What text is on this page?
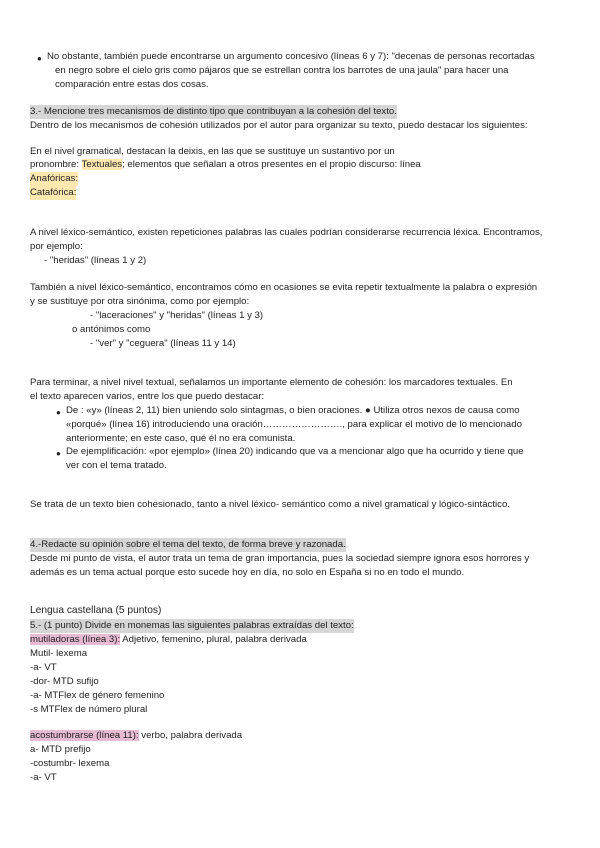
● No obstante, también puede encontrarse un argumento concesivo (líneas 6 y 7): "decenas de personas recortadas
en negro sobre el cielo gris como pájaros que se estrellan contra los barrotes de una jaula" para hacer una
comparación entre estas dos cosas.
3.- Mencione tres mecanismos de distinto tipo que contribuyan a la cohesión del texto.
Dentro de los mecanismos de cohesión utilizados por el autor para organizar su texto, puedo destacar los siguientes:
En el nivel gramatical, destacan la deixis, en las que se sustituye un sustantivo por un
pronombre: Textuales; elementos que señalan a otros presentes en el propio discurso: línea
Anafóricas:
Catafórica:
A nivel léxico-semántico, existen repeticiones palabras las cuales podrían considerarse recurrencia léxica. Encontramos,
por ejemplo:
- "heridas" (líneas 1 y 2)
También a nivel léxico-semántico, encontramos cómo en ocasiones se evita repetir textualmente la palabra o expresión
y se sustituye por otra sinónima, como por ejemplo:
- "laceraciones" y "heridas" (líneas 1 y 3)
o antónimos como
- "ver" y "ceguera" (líneas 11 y 14)
Para terminar, a nivel nivel textual, señalamos un importante elemento de cohesión: los marcadores textuales. En
el texto aparecen varios, entre los que puedo destacar:
● De : «y» (líneas 2, 11) bien uniendo solo sintagmas, o bien oraciones. ● Utiliza otros nexos de causa como
«porqué» (línea 16) introduciendo una oración……………………., para explicar el motivo de lo mencionado
anteriormente; en este caso, qué él no era comunista.
● De ejemplificación: «por ejemplo» (línea 20) indicando que va a mencionar algo que ha ocurrido y tiene que
ver con el tema tratado.
Se trata de un texto bien cohesionado, tanto a nivel léxico- semántico como a nivel gramatical y lógico-sintáctico.
4.-Redacte su opinión sobre el tema del texto, de forma breve y razonada.
Desde mi punto de vista, el autor trata un tema de gran importancia, pues la sociedad siempre ignora esos horrores y
además es un tema actual porque esto sucede hoy en día, no solo en España si no en todo el mundo.
Lengua castellana (5 puntos)
5.- (1 punto) Divide en monemas las siguientes palabras extraídas del texto:
mutiladoras (línea 3): Adjetivo, femenino, plural, palabra derivada
Mutil- lexema
-a- VT
-dor- MTD sufijo
-a- MTFlex de género femenino
-s MTFlex de número plural
acostumbrarse (línea 11): verbo, palabra derivada
a- MTD prefijo
-costumbr- lexema
-a- VT
